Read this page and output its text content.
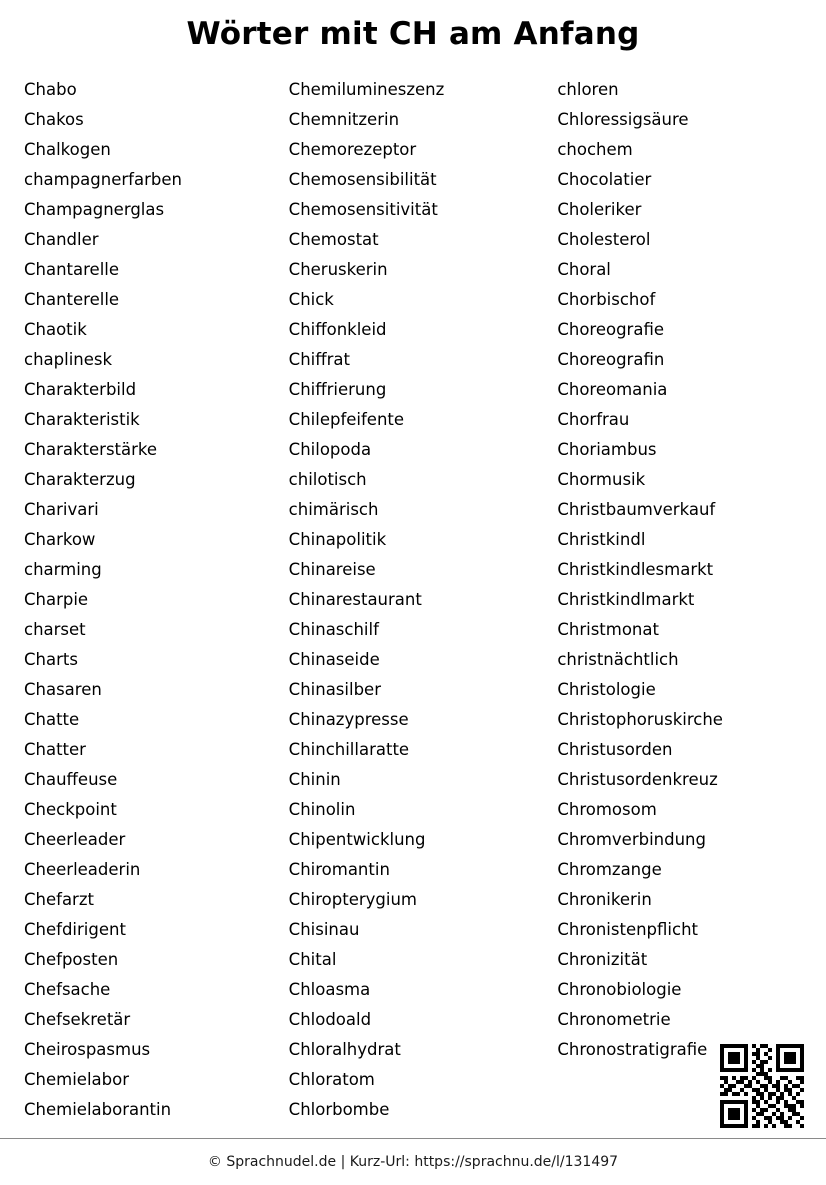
Wörter mit CH am Anfang
Chabo
Chakos
Chalkogen
champagnerfarben
Champagnerglas
Chandler
Chantarelle
Chanterelle
Chaotik
chaplinesk
Charakterbild
Charakteristik
Charakterstärke
Charakterzug
Charivari
Charkow
charming
Charpie
charset
Charts
Chasaren
Chatte
Chatter
Chauffeuse
Checkpoint
Cheerleader
Cheerleaderin
Chefarzt
Chefdirigent
Chefposten
Chefsache
Chefsekretär
Cheirospasmus
Chemielabor
Chemielaborantin
Chemilumineszenz
Chemnitzerin
Chemorezeptor
Chemosensibilität
Chemosensitivität
Chemostat
Cheruskerin
Chick
Chiffonkleid
Chiffrat
Chiffrierung
Chilepfeifente
Chilopoda
chilotisch
chimärisch
Chinapolitik
Chinareise
Chinarestaurant
Chinaschilf
Chinaseide
Chinasilber
Chinazypresse
Chinchillaratte
Chinin
Chinolin
Chipentwicklung
Chiromantin
Chiropterygium
Chisinau
Chital
Chloasma
Chlodoald
Chloralhydrat
Chloratom
Chlorbombe
chloren
Chloressigsäure
chochem
Chocolatier
Choleriker
Cholesterol
Choral
Chorbischof
Choreografie
Choreografin
Choreomania
Chorfrau
Choriambus
Chormusik
Christbaumverkauf
Christkindl
Christkindlesmarkt
Christkindlmarkt
Christmonat
christnächtlich
Christologie
Christophoruskirche
Christusorden
Christusordenkreuz
Chromosom
Chromverbindung
Chromzange
Chronikerin
Chronistenpflicht
Chronizität
Chronobiologie
Chronometrie
Chronostratigrafie
© Sprachnudel.de | Kurz-Url: https://sprachnu.de/l/131497
